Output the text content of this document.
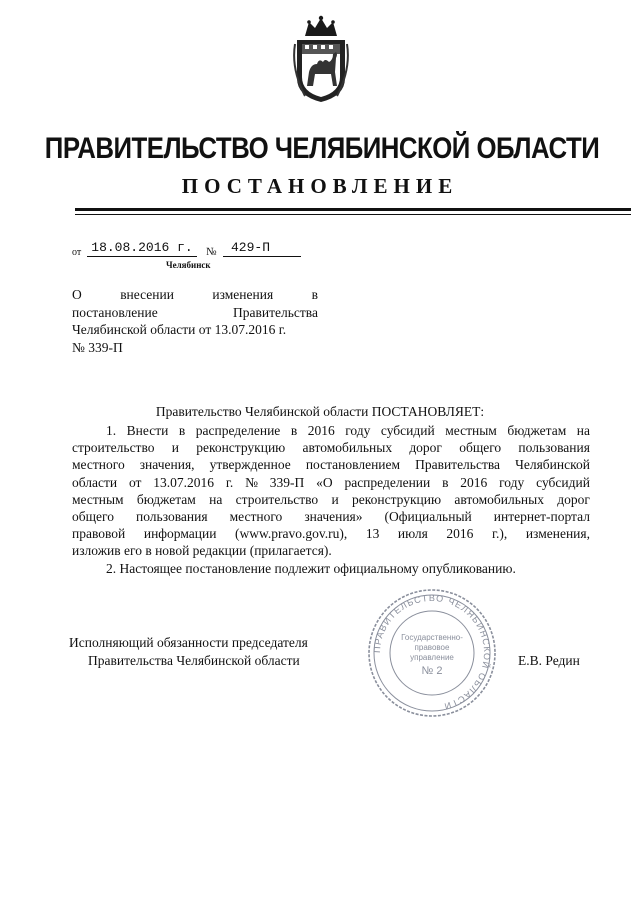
ПРАВИТЕЛЬСТВО ЧЕЛЯБИНСКОЙ ОБЛАСТИ
ПОСТАНОВЛЕНИЕ
от 18.08.2016 г.	№	429-П
Челябинск
О	внесении	изменения	в
постановление	Правительства
Челябинской области от 13.07.2016 г.
№ 339-П
Правительство Челябинской области ПОСТАНОВЛЯЕТ:
1. Внести в распределение в 2016 году субсидий местным бюджетам на
строительство и реконструкцию автомобильных дорог общего пользования
местного значения, утвержденное постановлением Правительства Челябинской
области от 13.07.2016 г. № 339-П «О распределении в 2016 году субсидий
местным бюджетам на строительство и реконструкцию автомобильных дорог
общего пользования местного значения» (Официальный интернет-портал
правовой информации (www.pravo.gov.ru), 13 июля 2016 г.), изменения,
изложив его в новой редакции (прилагается).
2. Настоящее постановление подлежит официальному опубликованию.
Исполняющий обязанности председателя
Правительства Челябинской области	Е.В. Редин
ПРАВИТЕЛЬСТВО ЧЕЛЯБИНСКОЙ ОБЛАСТИ
Государственно-
правовое
управление
№ 2
